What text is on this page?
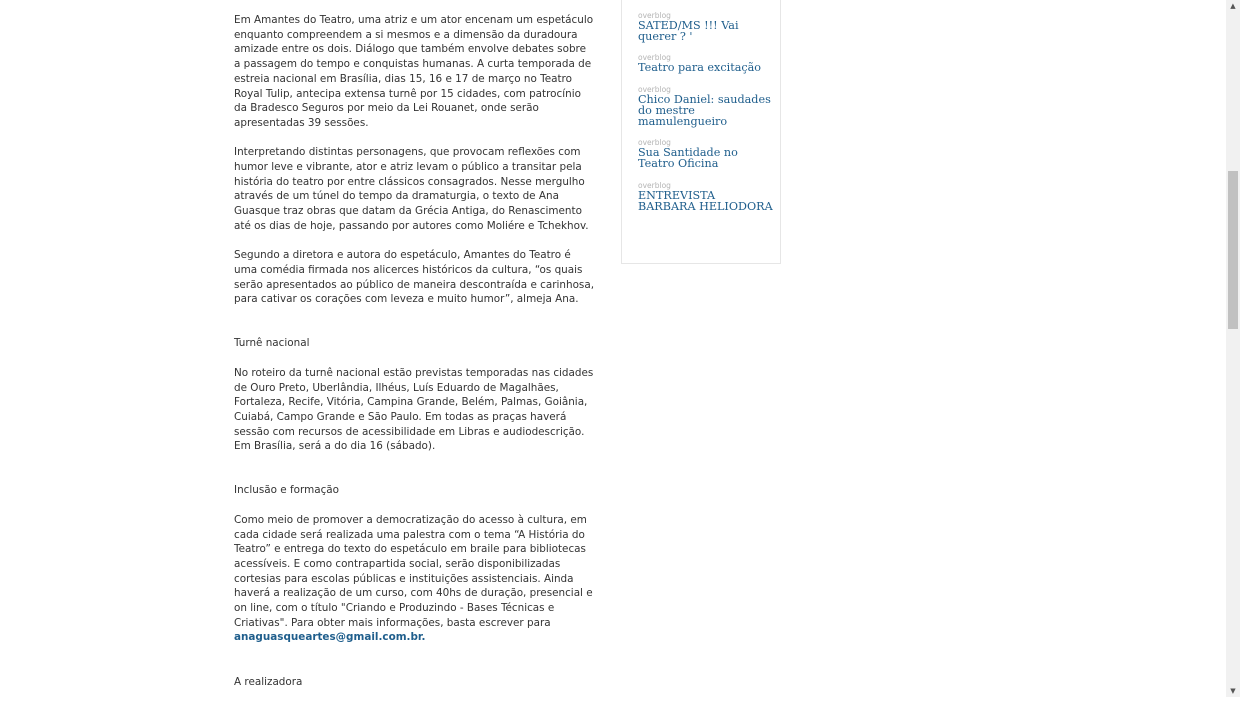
Em Amantes do Teatro, uma atriz e um ator encenam um espetáculo enquanto compreendem a si mesmos e a dimensão da duradoura amizade entre os dois. Diálogo que também envolve debates sobre a passagem do tempo e conquistas humanas. A curta temporada de estreia nacional em Brasília, dias 15, 16 e 17 de março no Teatro Royal Tulip, antecipa extensa turnê por 15 cidades, com patrocínio da Bradesco Seguros por meio da Lei Rouanet, onde serão apresentadas 39 sessões.

Interpretando distintas personagens, que provocam reflexões com humor leve e vibrante, ator e atriz levam o público a transitar pela história do teatro por entre clássicos consagrados. Nesse mergulho através de um túnel do tempo da dramaturgia, o texto de Ana Guasque traz obras que datam da Grécia Antiga, do Renascimento até os dias de hoje, passando por autores como Moliére e Tchekhov.

Segundo a diretora e autora do espetáculo, Amantes do Teatro é uma comédia firmada nos alicerces históricos da cultura, “os quais serão apresentados ao público de maneira descontraída e carinhosa, para cativar os corações com leveza e muito humor”, almeja Ana.

Turnê nacional

No roteiro da turnê nacional estão previstas temporadas nas cidades de Ouro Preto, Uberlândia, Ilhéus, Luís Eduardo de Magalhães, Fortaleza, Recife, Vitória, Campina Grande, Belém, Palmas, Goiânia, Cuiabá, Campo Grande e São Paulo. Em todas as praças haverá sessão com recursos de acessibilidade em Libras e audiodescrição. Em Brasília, será a do dia 16 (sábado).

Inclusão e formação

Como meio de promover a democratização do acesso à cultura, em cada cidade será realizada uma palestra com o tema “A História do Teatro” e entrega do texto do espetáculo em braile para bibliotecas acessíveis. E como contrapartida social, serão disponibilizadas cortesias para escolas públicas e instituições assistenciais. Ainda haverá a realização de um curso, com 40hs de duração, presencial e on line, com o título "Criando e Produzindo - Bases Técnicas e Criativas". Para obter mais informações, basta escrever para
anaguasqueartes@gmail.com.br.

A realizadora
overblog
SATED/MS !!! Vai querer ? '
overblog
Teatro para excitação
overblog
Chico Daniel: saudades do mestre mamulengueiro
overblog
Sua Santidade no Teatro Oficina
overblog
ENTREVISTA BARBARA HELIODORA
▲
▼
